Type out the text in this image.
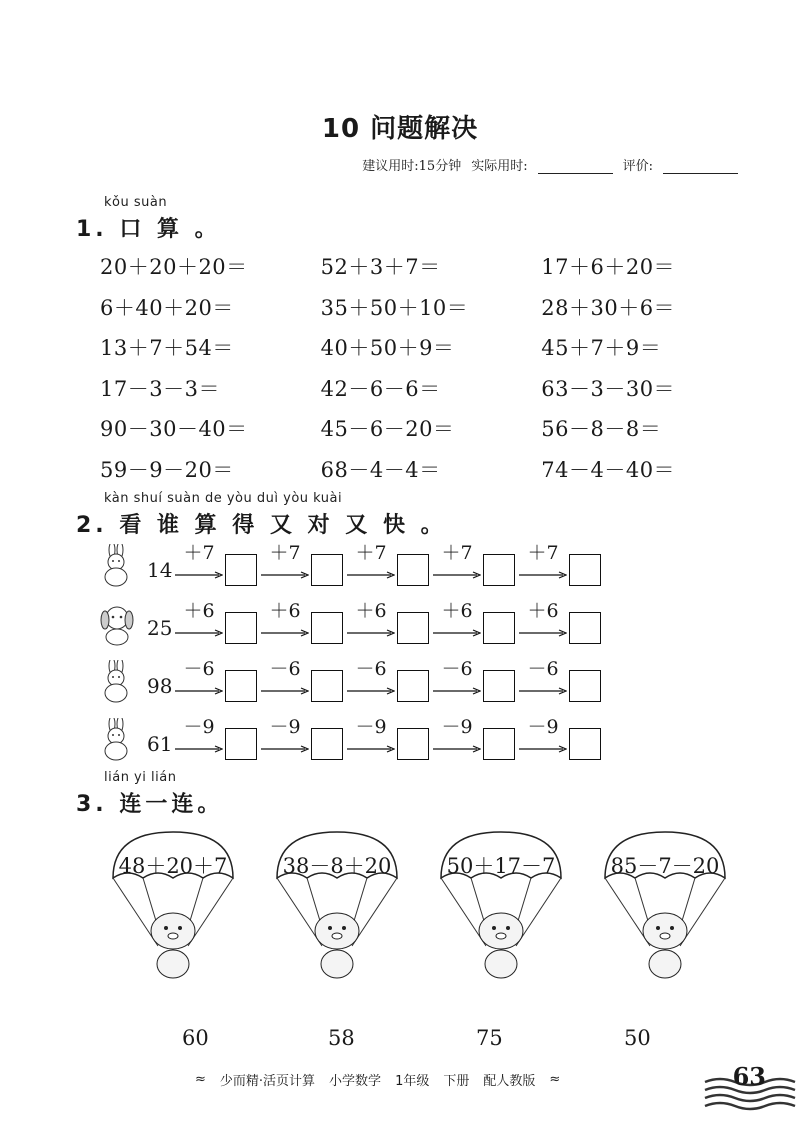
10 问题解决
建议用时:15分钟 实际用时:	评价:
kǒu suàn
1. 口 算 。
20＋20＋20＝	52＋3＋7＝	17＋6＋20＝
6＋40＋20＝	35＋50＋10＝	28＋30＋6＝
13＋7＋54＝	40＋50＋9＝	45＋7＋9＝
17－3－3＝	42－6－6＝	63－3－30＝
90－30－40＝	45－6－20＝	56－8－8＝
59－9－20＝	68－4－4＝	74－4－40＝
kàn shuí suàn de yòu duì yòu kuài
2. 看 谁 算 得 又 对 又 快 。
14
＋7	＋7	＋7	＋7	＋7
25
＋6	＋6	＋6	＋6	＋6
98
－6	－6	－6	－6	－6
61
－9	－9	－9	－9	－9
lián yi lián
3. 连一连。
48＋20＋7	38－8＋20	50＋17－7	85－7－20
60	58	75	50
≈ 少而精·活页计算 小学数学 1年级 下册 配人教版 ≈	63
